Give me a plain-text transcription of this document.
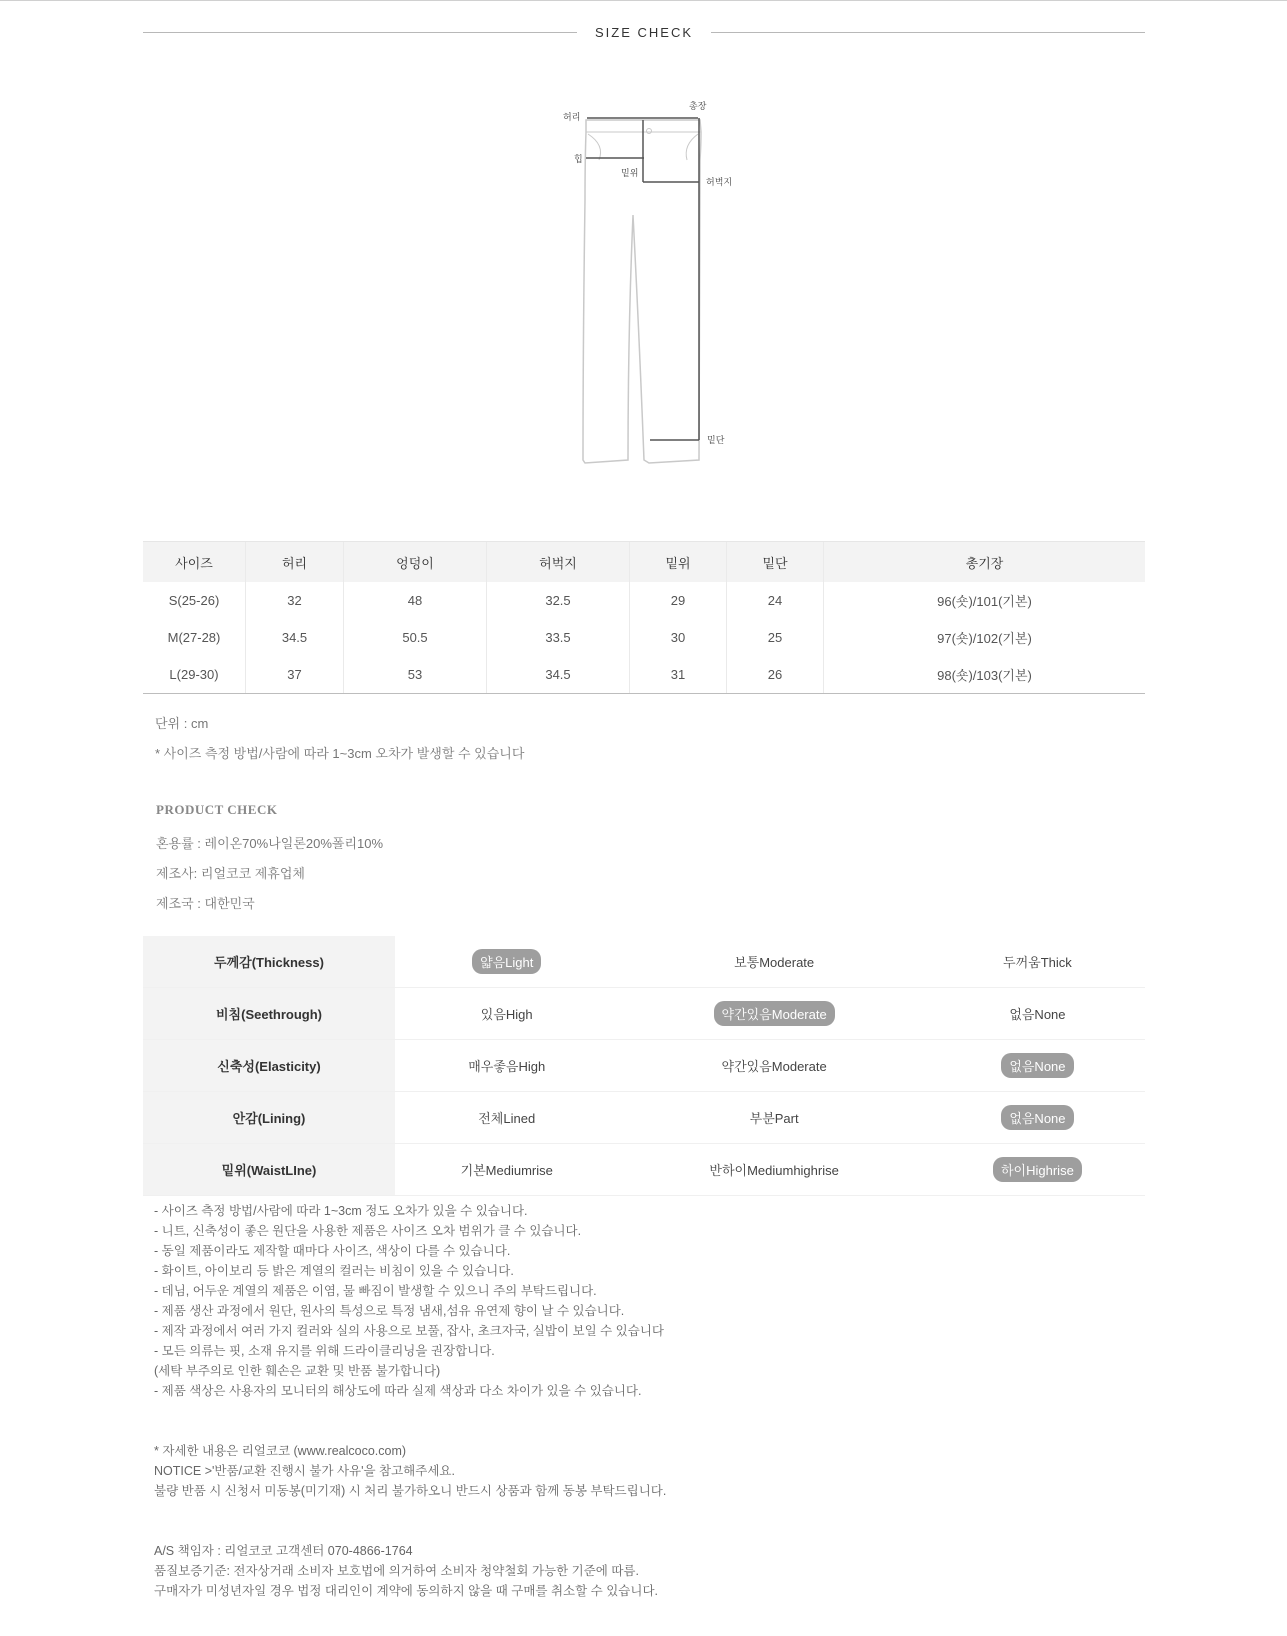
SIZE CHECK
허리
힙
밑위
총장
허벅지
밑단
사이즈	허리	엉덩이	허벅지	밑위	밑단	총기장
S(25-26)	32	48	32.5	29	24	96(숏)/101(기본)
M(27-28)	34.5	50.5	33.5	30	25	97(숏)/102(기본)
L(29-30)	37	53	34.5	31	26	98(숏)/103(기본)
단위 : cm
* 사이즈 측정 방법/사람에 따라 1~3cm 오차가 발생할 수 있습니다
PRODUCT CHECK
혼용률 : 레이온70%나일론20%폴리10%
제조사: 리얼코코 제휴업체
제조국 : 대한민국
두께감(Thickness)	얇음Light	보통Moderate	두꺼움Thick
비침(Seethrough)	있음High	약간있음Moderate	없음None
신축성(Elasticity)	매우좋음High	약간있음Moderate	없음None
안감(Lining)	전체Lined	부분Part	없음None
밑위(WaistLIne)	기본Mediumrise	반하이Mediumhighrise	하이Highrise
- 사이즈 측정 방법/사람에 따라 1~3cm 정도 오차가 있을 수 있습니다.
- 니트, 신축성이 좋은 원단을 사용한 제품은 사이즈 오차 범위가 클 수 있습니다.
- 동일 제품이라도 제작할 때마다 사이즈, 색상이 다를 수 있습니다.
- 화이트, 아이보리 등 밝은 계열의 컬러는 비침이 있을 수 있습니다.
- 데님, 어두운 계열의 제품은 이염, 물 빠짐이 발생할 수 있으니 주의 부탁드립니다.
- 제품 생산 과정에서 원단, 원사의 특성으로 특정 냄새,섬유 유연제 향이 날 수 있습니다.
- 제작 과정에서 여러 가지 컬러와 실의 사용으로 보풀, 잡사, 초크자국, 실밥이 보일 수 있습니다
- 모든 의류는 핏, 소재 유지를 위해 드라이클리닝을 권장합니다.
(세탁 부주의로 인한 훼손은 교환 및 반품 불가합니다)
- 제품 색상은 사용자의 모니터의 해상도에 따라 실제 색상과 다소 차이가 있을 수 있습니다.
* 자세한 내용은 리얼코코 (www.realcoco.com)
NOTICE >'반품/교환 진행시 불가 사유'을 참고해주세요.
불량 반품 시 신청서 미동봉(미기재) 시 처리 불가하오니 반드시 상품과 함께 동봉 부탁드립니다.
A/S 책임자 : 리얼코코 고객센터 070-4866-1764
품질보증기준: 전자상거래 소비자 보호법에 의거하여 소비자 청약철회 가능한 기준에 따름.
구매자가 미성년자일 경우 법정 대리인이 계약에 동의하지 않을 때 구매를 취소할 수 있습니다.
